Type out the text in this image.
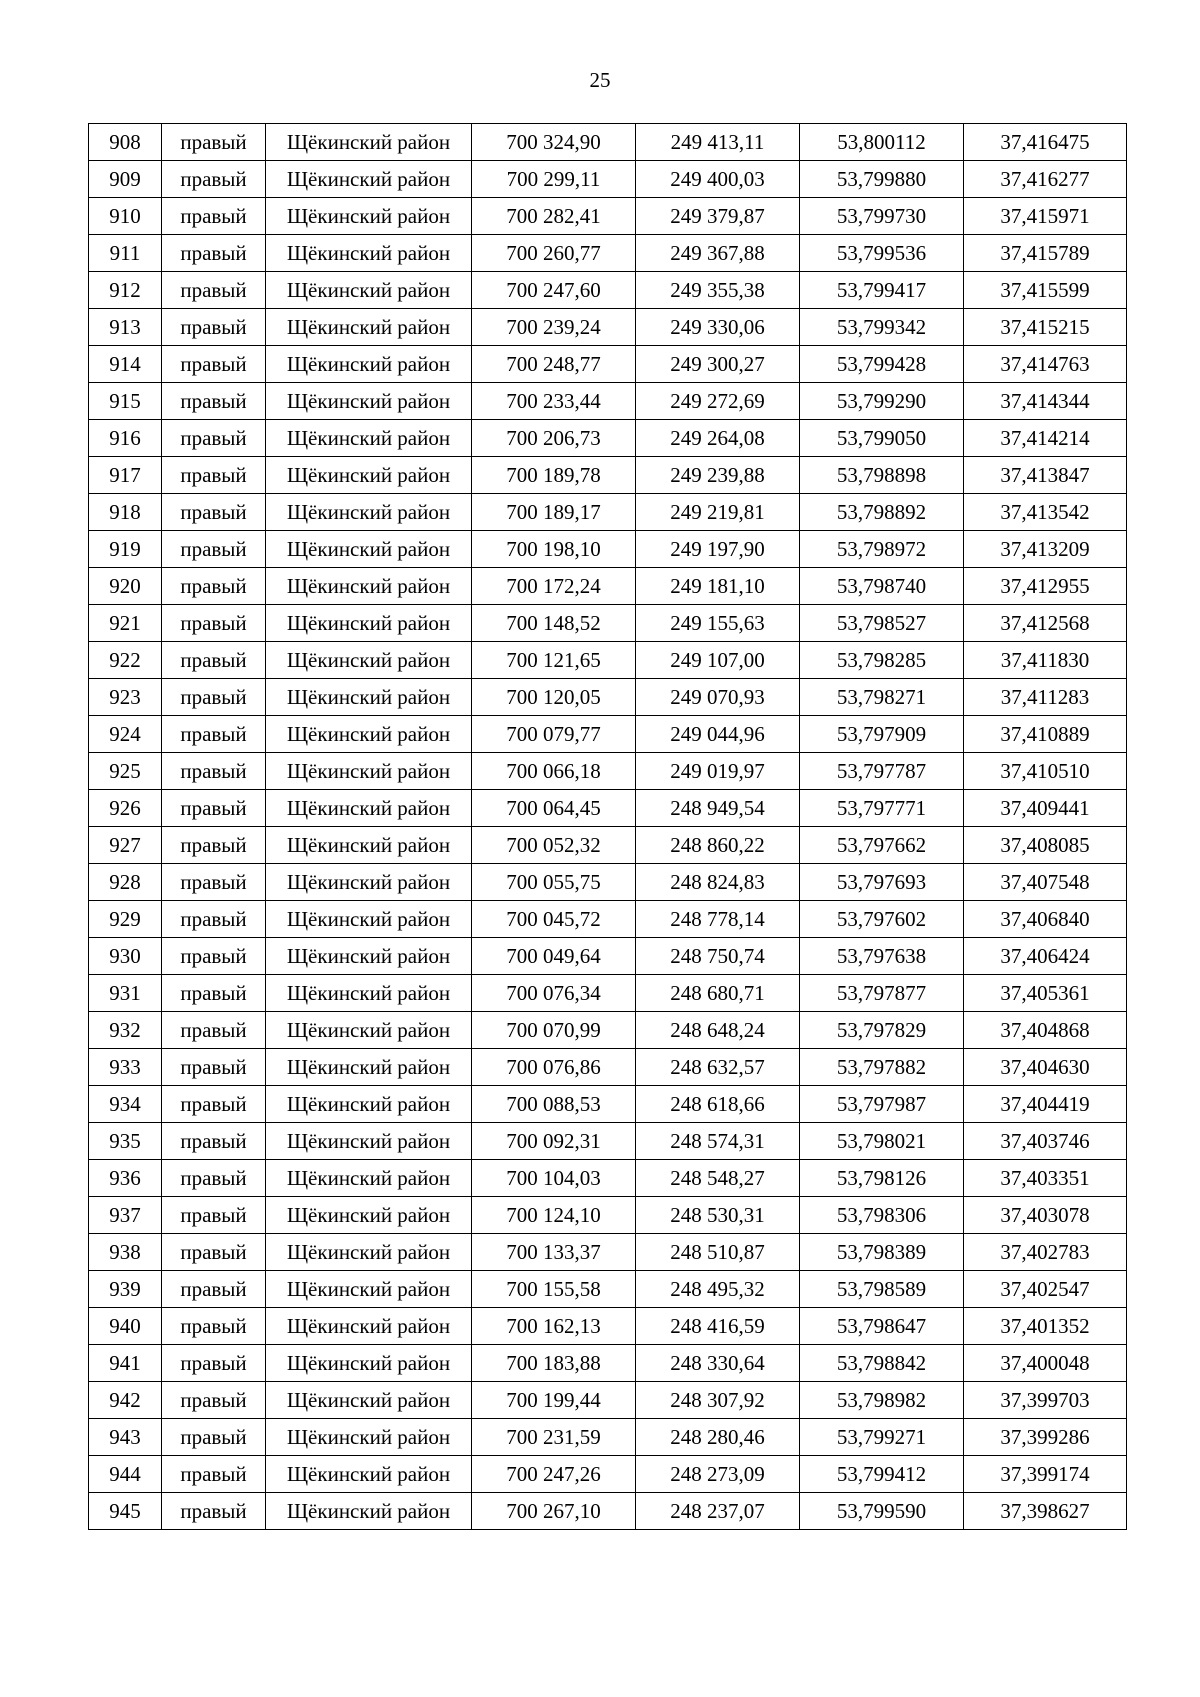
25
908	правый	Щёкинский район	700 324,90	249 413,11	53,800112	37,416475
909	правый	Щёкинский район	700 299,11	249 400,03	53,799880	37,416277
910	правый	Щёкинский район	700 282,41	249 379,87	53,799730	37,415971
911	правый	Щёкинский район	700 260,77	249 367,88	53,799536	37,415789
912	правый	Щёкинский район	700 247,60	249 355,38	53,799417	37,415599
913	правый	Щёкинский район	700 239,24	249 330,06	53,799342	37,415215
914	правый	Щёкинский район	700 248,77	249 300,27	53,799428	37,414763
915	правый	Щёкинский район	700 233,44	249 272,69	53,799290	37,414344
916	правый	Щёкинский район	700 206,73	249 264,08	53,799050	37,414214
917	правый	Щёкинский район	700 189,78	249 239,88	53,798898	37,413847
918	правый	Щёкинский район	700 189,17	249 219,81	53,798892	37,413542
919	правый	Щёкинский район	700 198,10	249 197,90	53,798972	37,413209
920	правый	Щёкинский район	700 172,24	249 181,10	53,798740	37,412955
921	правый	Щёкинский район	700 148,52	249 155,63	53,798527	37,412568
922	правый	Щёкинский район	700 121,65	249 107,00	53,798285	37,411830
923	правый	Щёкинский район	700 120,05	249 070,93	53,798271	37,411283
924	правый	Щёкинский район	700 079,77	249 044,96	53,797909	37,410889
925	правый	Щёкинский район	700 066,18	249 019,97	53,797787	37,410510
926	правый	Щёкинский район	700 064,45	248 949,54	53,797771	37,409441
927	правый	Щёкинский район	700 052,32	248 860,22	53,797662	37,408085
928	правый	Щёкинский район	700 055,75	248 824,83	53,797693	37,407548
929	правый	Щёкинский район	700 045,72	248 778,14	53,797602	37,406840
930	правый	Щёкинский район	700 049,64	248 750,74	53,797638	37,406424
931	правый	Щёкинский район	700 076,34	248 680,71	53,797877	37,405361
932	правый	Щёкинский район	700 070,99	248 648,24	53,797829	37,404868
933	правый	Щёкинский район	700 076,86	248 632,57	53,797882	37,404630
934	правый	Щёкинский район	700 088,53	248 618,66	53,797987	37,404419
935	правый	Щёкинский район	700 092,31	248 574,31	53,798021	37,403746
936	правый	Щёкинский район	700 104,03	248 548,27	53,798126	37,403351
937	правый	Щёкинский район	700 124,10	248 530,31	53,798306	37,403078
938	правый	Щёкинский район	700 133,37	248 510,87	53,798389	37,402783
939	правый	Щёкинский район	700 155,58	248 495,32	53,798589	37,402547
940	правый	Щёкинский район	700 162,13	248 416,59	53,798647	37,401352
941	правый	Щёкинский район	700 183,88	248 330,64	53,798842	37,400048
942	правый	Щёкинский район	700 199,44	248 307,92	53,798982	37,399703
943	правый	Щёкинский район	700 231,59	248 280,46	53,799271	37,399286
944	правый	Щёкинский район	700 247,26	248 273,09	53,799412	37,399174
945	правый	Щёкинский район	700 267,10	248 237,07	53,799590	37,398627
